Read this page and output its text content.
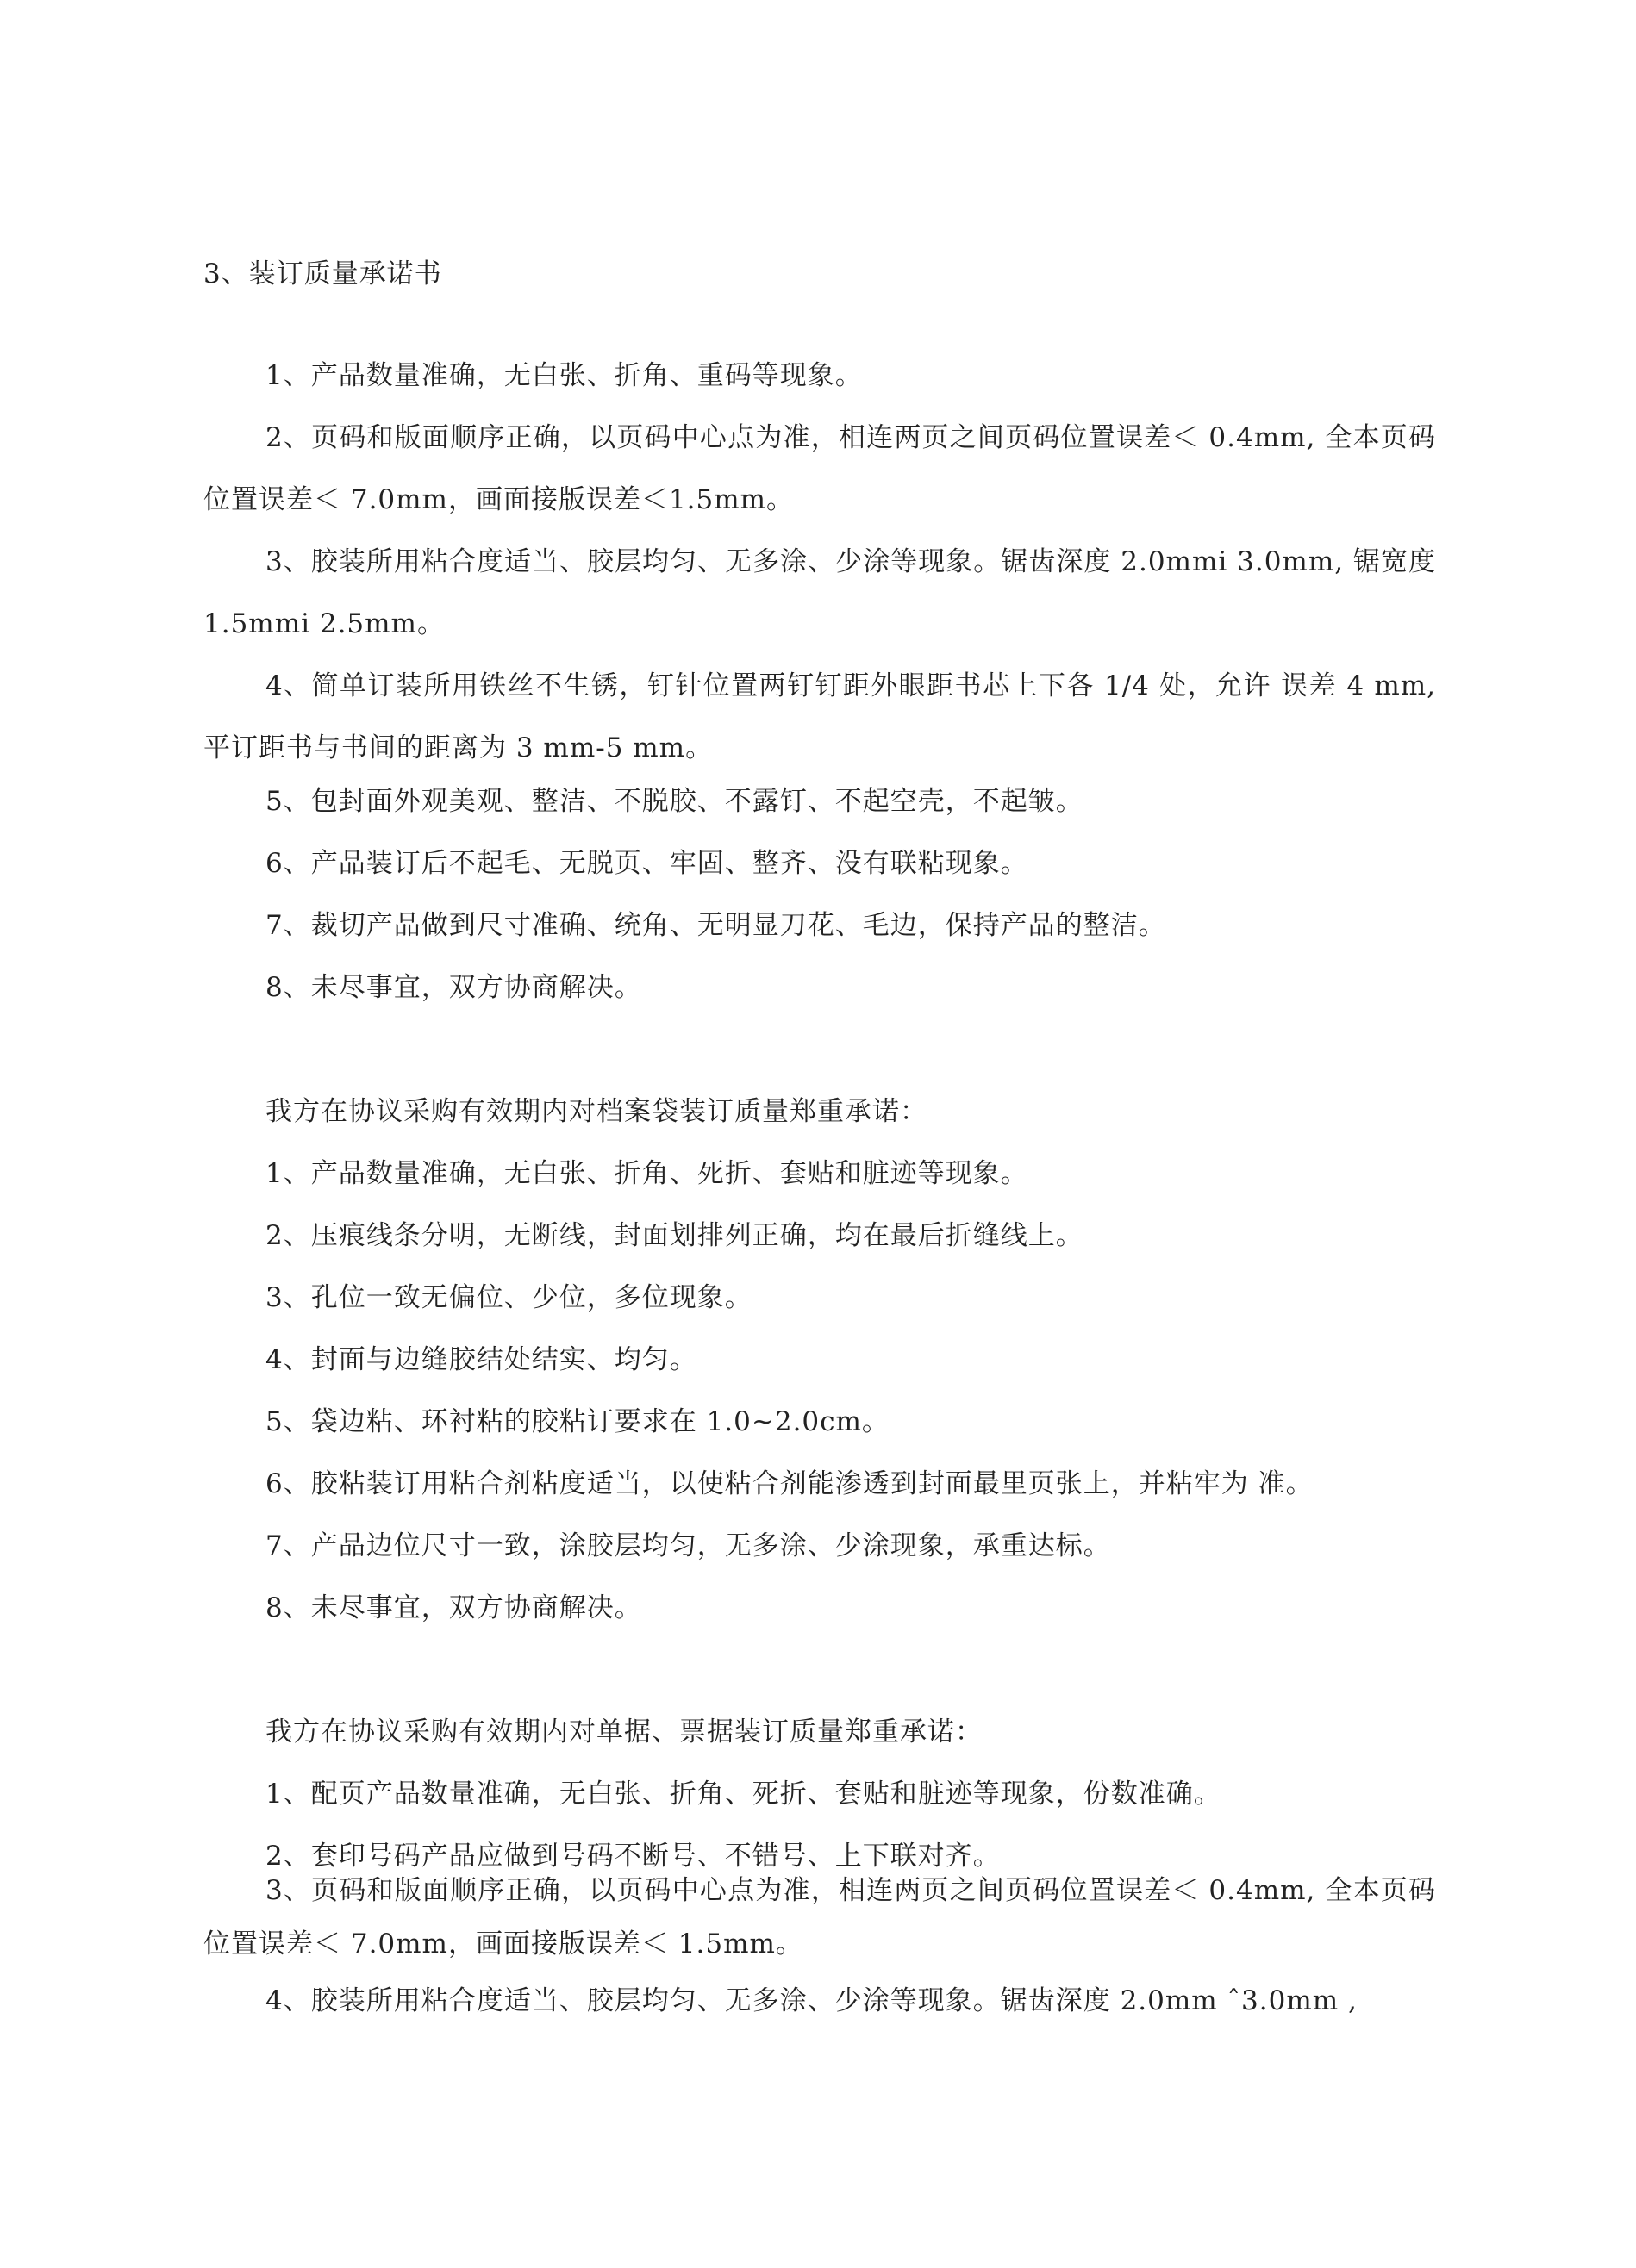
3、装订质量承诺书
1、产品数量准确，无白张、折角、重码等现象。
2、页码和版面顺序正确，以页码中心点为准，相连两页之间页码位置误差＜ 0.4mm, 全本页码位置误差＜ 7.0mm，画面接版误差＜1.5mm。
3、胶装所用粘合度适当、胶层均匀、无多涂、少涂等现象。锯齿深度 2.0mmi 3.0mm, 锯宽度 1.5mmi 2.5mm。
4、简单订装所用铁丝不生锈，钉针位置两钉钉距外眼距书芯上下各 1/4 处，允许 误差 4 mm,平订距书与书间的距离为 3 mm-5 mm。
5、包封面外观美观、整洁、不脱胶、不露钉、不起空壳，不起皱。
6、产品装订后不起毛、无脱页、牢固、整齐、没有联粘现象。
7、裁切产品做到尺寸准确、统角、无明显刀花、毛边，保持产品的整洁。
8、未尽事宜，双方协商解决。
我方在协议采购有效期内对档案袋装订质量郑重承诺：
1、产品数量准确，无白张、折角、死折、套贴和脏迹等现象。
2、压痕线条分明，无断线，封面划排列正确，均在最后折缝线上。
3、孔位一致无偏位、少位，多位现象。
4、封面与边缝胶结处结实、均匀。
5、袋边粘、环衬粘的胶粘订要求在 1.0~2.0cm。
6、胶粘装订用粘合剂粘度适当，以使粘合剂能渗透到封面最里页张上，并粘牢为 准。
7、产品边位尺寸一致，涂胶层均匀，无多涂、少涂现象，承重达标。
8、未尽事宜，双方协商解决。
我方在协议采购有效期内对单据、票据装订质量郑重承诺：
1、配页产品数量准确，无白张、折角、死折、套贴和脏迹等现象，份数准确。
2、套印号码产品应做到号码不断号、不错号、上下联对齐。
3、页码和版面顺序正确，以页码中心点为准，相连两页之间页码位置误差＜ 0.4mm, 全本页码位置误差＜ 7.0mm，画面接版误差＜ 1.5mm。
4、胶装所用粘合度适当、胶层均匀、无多涂、少涂等现象。锯齿深度 2.0mm ˆ3.0mm ,
